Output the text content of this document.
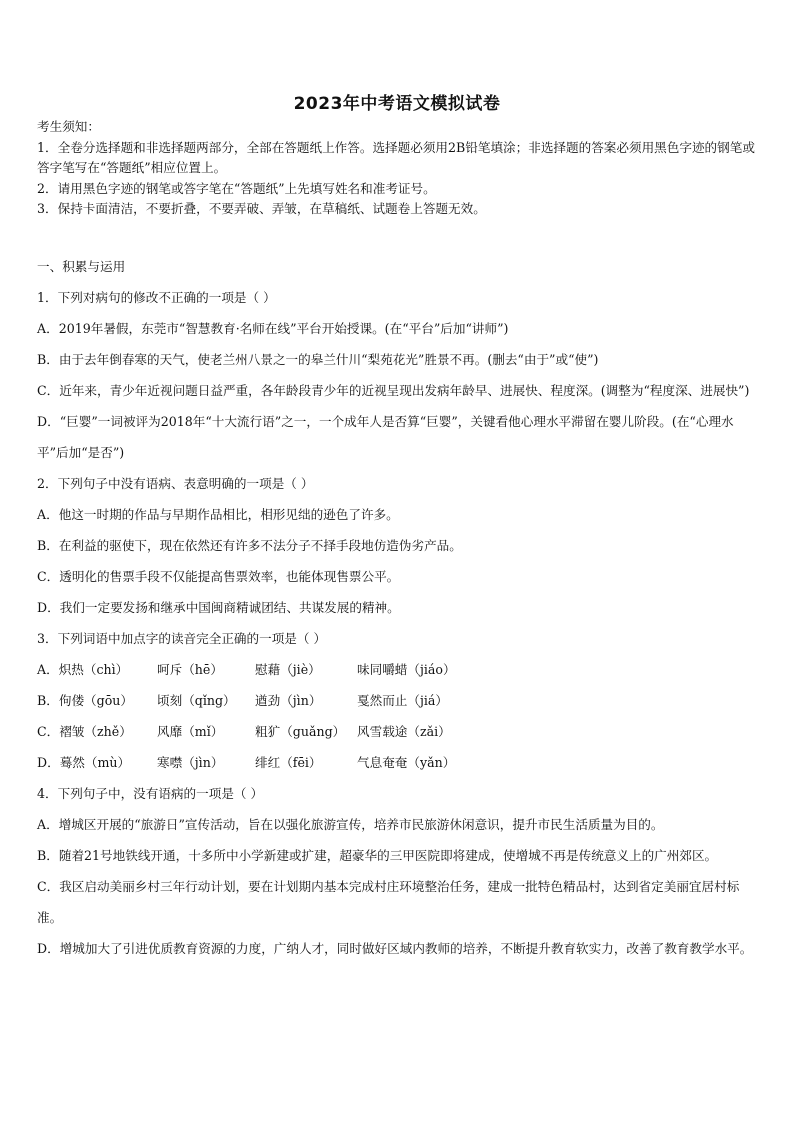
2023年中考语文模拟试卷

考生须知：

1．全卷分选择题和非选择题两部分，全部在答题纸上作答。选择题必须用2B铅笔填涂；非选择题的答案必须用黑色字迹的钢笔或答字笔写在“答题纸”相应位置上。

2．请用黑色字迹的钢笔或答字笔在“答题纸”上先填写姓名和准考证号。

3．保持卡面清洁，不要折叠，不要弄破、弄皱，在草稿纸、试题卷上答题无效。

一、积累与运用

1．下列对病句的修改不正确的一项是（ ）

A．2019年暑假，东莞市“智慧教育·名师在线”平台开始授课。(在“平台”后加“讲师”)

B．由于去年倒春寒的天气，使老兰州八景之一的皋兰什川“梨苑花光”胜景不再。(删去“由于”或“使”)

C．近年来，青少年近视问题日益严重，各年龄段青少年的近视呈现出发病年龄早、进展快、程度深。(调整为“程度深、进展快”)

D．“巨婴”一词被评为2018年“十大流行语”之一，一个成年人是否算“巨婴”，关键看他心理水平滞留在婴儿阶段。(在“心理水平”后加“是否”)

2．下列句子中没有语病、表意明确的一项是（ ）

A．他这一时期的作品与早期作品相比，相形见绌的逊色了许多。

B．在利益的驱使下，现在依然还有许多不法分子不择手段地仿造伪劣产品。

C．透明化的售票手段不仅能提高售票效率，也能体现售票公平。

D．我们一定要发扬和继承中国闽商精诚团结、共谋发展的精神。

3．下列词语中加点字的读音完全正确的一项是（ ）

A．炽热（chì） 呵斥（hē）	慰藉（jiè）	味同嚼蜡（jiáo）

B．佝偻（gōu） 顷刻（qǐng） 遒劲（jìn）	戛然而止（jiá）

C．褶皱（zhě） 风靡（mǐ）	粗犷（guǎng） 风雪载途（zǎi）

D．蓦然（mù） 寒噤（jìn）	绯红（fēi）	气息奄奄（yǎn）

4．下列句子中，没有语病的一项是（ ）

A．增城区开展的“旅游日”宣传活动，旨在以强化旅游宣传，培养市民旅游休闲意识，提升市民生活质量为目的。

B．随着21号地铁线开通，十多所中小学新建或扩建，超豪华的三甲医院即将建成，使增城不再是传统意义上的广州郊区。

C．我区启动美丽乡村三年行动计划，要在计划期内基本完成村庄环境整治任务，建成一批特色精品村，达到省定美丽宜居村标准。

D．增城加大了引进优质教育资源的力度，广纳人才，同时做好区域内教师的培养，不断提升教育软实力，改善了教育教学水平。
